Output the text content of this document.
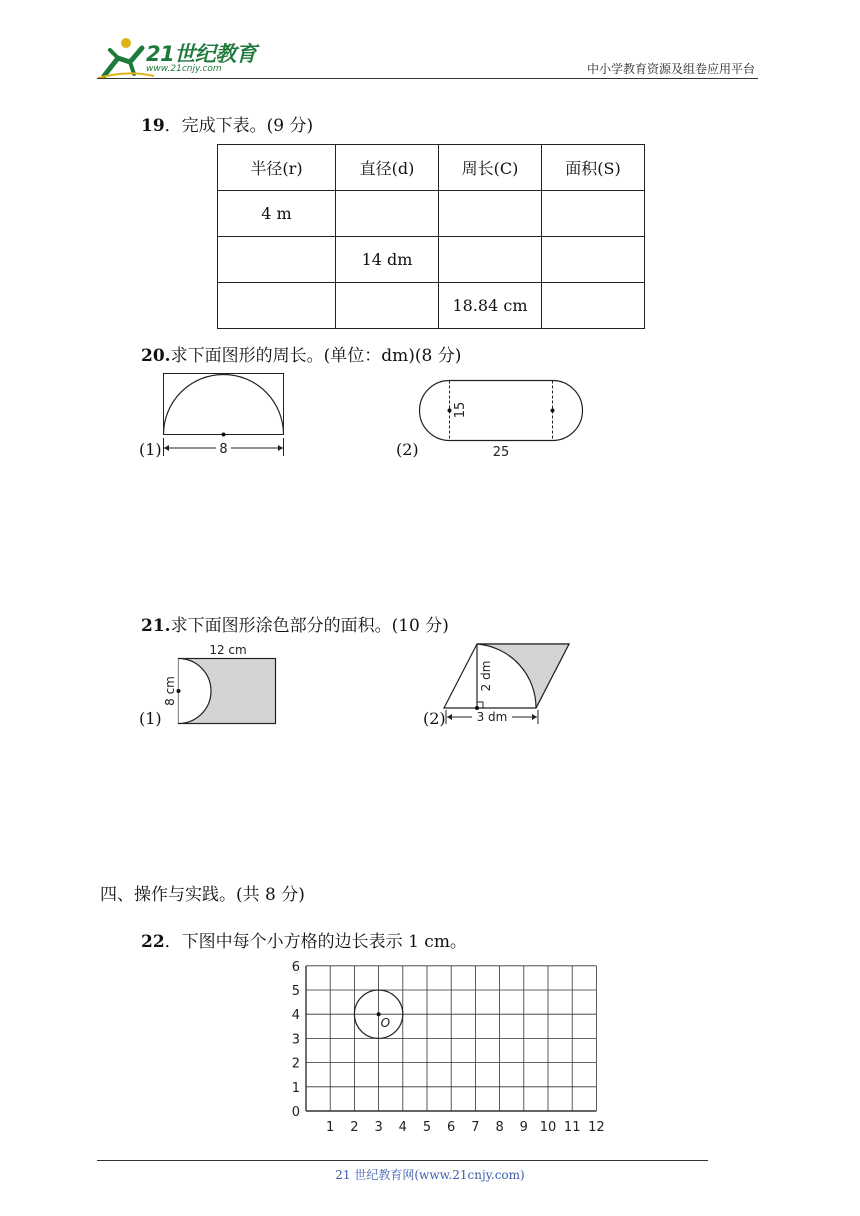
21世纪教育
www.21cnjy.com	中小学教育资源及组卷应用平台
19．完成下表。(9 分)
半径(r)	直径(d)	周长(C)	面积(S)
4 m			
	14 dm		
		18.84 cm	
20.求下面图形的周长。(单位：dm)(8 分)
(1)	8	(2)
15
25
21.求下面图形涂色部分的面积。(10 分)
(1)
12 cm
8 cm
(2)
2 dm
3 dm
四、操作与实践。(共 8 分)
22．下图中每个小方格的边长表示 1 cm。
1 2 3 4 5 6 7 8 9 10 11 12
0
1
2
3
4
5
6
O
21 世纪教育网(www.21cnjy.com)
